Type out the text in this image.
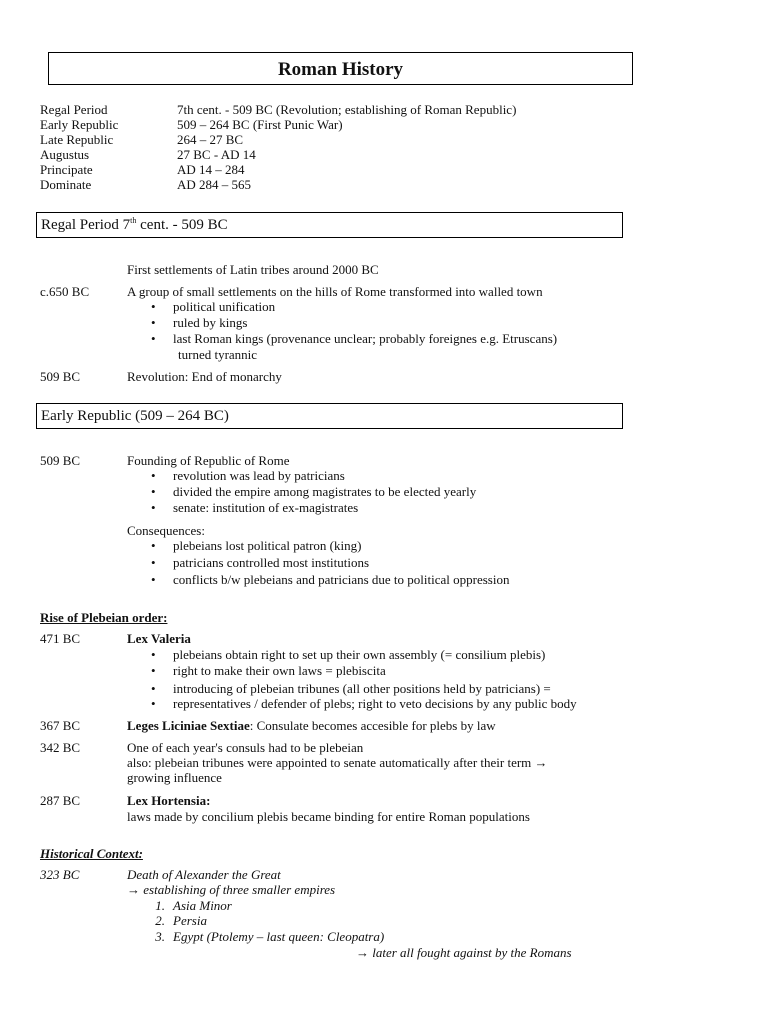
Roman History
Regal Period	7th cent. - 509 BC (Revolution; establishing of Roman Republic)
Early Republic	509 – 264 BC (First Punic War)
Late Republic	264 – 27 BC
Augustus	27 BC - AD 14
Principate	AD 14 – 284
Dominate	AD 284 – 565
Regal Period 7th cent. - 509 BC
First settlements of Latin tribes around 2000 BC
c.650 BC	A group of small settlements on the hills of Rome transformed into walled town
• political unification
• ruled by kings
• last Roman kings (provenance unclear; probably foreignes e.g. Etruscans)
turned tyrannic
509 BC	Revolution: End of monarchy
Early Republic (509 – 264 BC)
509 BC	Founding of Republic of Rome
• revolution was lead by patricians
• divided the empire among magistrates to be elected yearly
• senate: institution of ex-magistrates
Consequences:
• plebeians lost political patron (king)
• patricians controlled most institutions
• conflicts b/w plebeians and patricians due to political oppression
Rise of Plebeian order:
471 BC	Lex Valeria
• plebeians obtain right to set up their own assembly (= consilium plebis)
• right to make their own laws = plebiscita
• introducing of plebeian tribunes (all other positions held by patricians) =
representatives / defender of plebs; right to veto decisions by any public body
367 BC	Leges Liciniae Sextiae: Consulate becomes accesible for plebs by law
342 BC	One of each year's consuls had to be plebeian
also: plebeian tribunes were appointed to senate automatically after their term →
growing influence
287 BC	Lex Hortensia:
laws made by concilium plebis became binding for entire Roman populations
Historical Context:
323 BC	Death of Alexander the Great
→ establishing of three smaller empires
1. Asia Minor
2. Persia
3. Egypt (Ptolemy – last queen: Cleopatra)
→ later all fought against by the Romans
